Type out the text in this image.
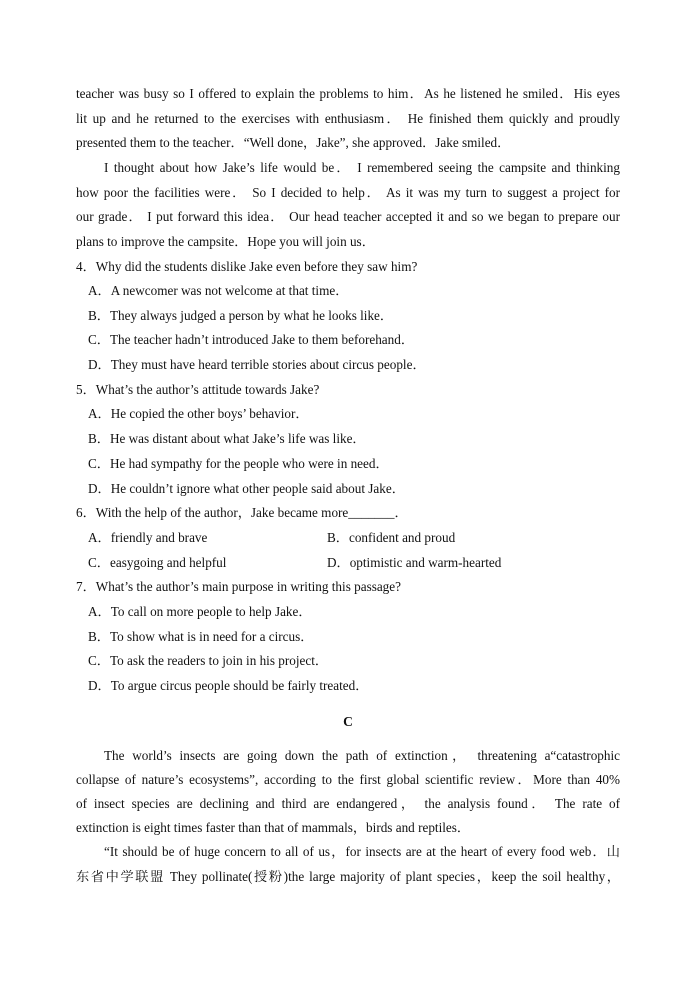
teacher was busy so I offered to explain the problems to him．As he listened he smiled．His eyes
lit up and he returned to the exercises with enthusiasm． He finished them quickly and proudly
presented them to the teacher．“Well done，Jake”, she approved．Jake smiled．
I thought about how Jake’s life would be． I remembered seeing the campsite and thinking
how poor the facilities were． So I decided to help． As it was my turn to suggest a project for
our grade． I put forward this idea． Our head teacher accepted it and so we began to prepare our
plans to improve the campsite．Hope you will join us．
4．Why did the students dislike Jake even before they saw him?
A．A newcomer was not welcome at that time．
B．They always judged a person by what he looks like．
C．The teacher hadn’t introduced Jake to them beforehand．
D．They must have heard terrible stories about circus people．
5．What’s the author’s attitude towards Jake?
A．He copied the other boys’ behavior．
B．He was distant about what Jake’s life was like．
C．He had sympathy for the people who were in need．
D．He couldn’t ignore what other people said about Jake．
6．With the help of the author，Jake became more_______．
A．friendly and brave	B．confident and proud
C．easygoing and helpful	D．optimistic and warm-hearted
7．What’s the author’s main purpose in writing this passage?
A．To call on more people to help Jake．
B．To show what is in need for a circus．
C．To ask the readers to join in his project．
D．To argue circus people should be fairly treated．
C
The world’s insects are going down the path of extinction， threatening a“catastrophic
collapse of nature’s ecosystems”, according to the first global scientific review．More than 40%
of insect species are declining and third are endangered， the analysis found． The rate of
extinction is eight times faster than that of mammals，birds and reptiles．
“It should be of huge concern to all of us，for insects are at the heart of every food web．山
东省中学联盟 They pollinate(授粉)the large majority of plant species，keep the soil healthy，
